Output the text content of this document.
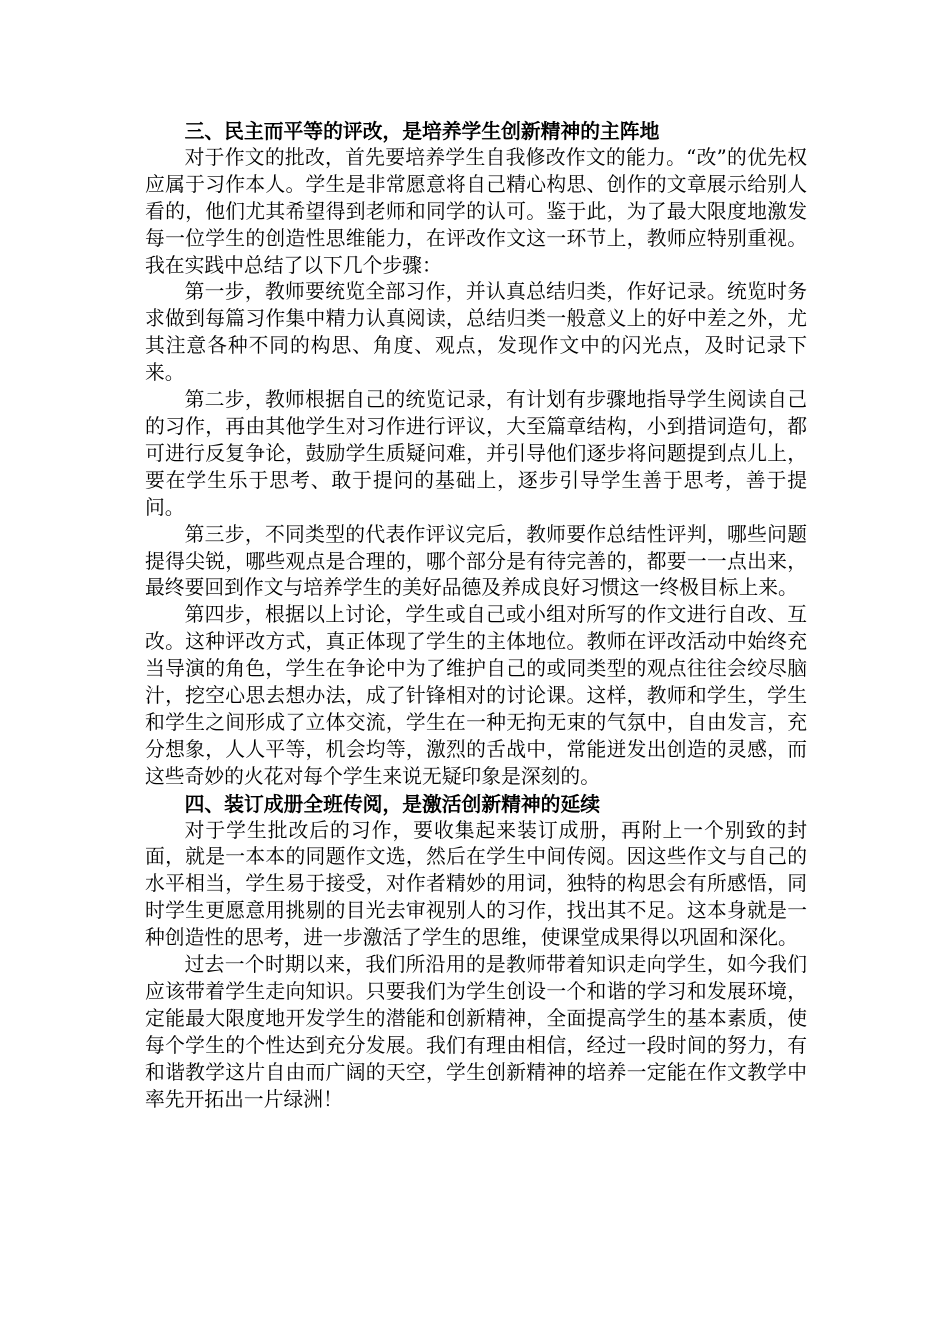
三、民主而平等的评改，是培养学生创新精神的主阵地

对于作文的批改，首先要培养学生自我修改作文的能力。“改”的优先权应属于习作本人。学生是非常愿意将自己精心构思、创作的文章展示给别人看的，他们尤其希望得到老师和同学的认可。鉴于此，为了最大限度地激发每一位学生的创造性思维能力，在评改作文这一环节上，教师应特别重视。我在实践中总结了以下几个步骤：

第一步，教师要统览全部习作，并认真总结归类，作好记录。统览时务求做到每篇习作集中精力认真阅读，总结归类一般意义上的好中差之外，尤其注意各种不同的构思、角度、观点，发现作文中的闪光点，及时记录下来。

第二步，教师根据自己的统览记录，有计划有步骤地指导学生阅读自己的习作，再由其他学生对习作进行评议，大至篇章结构，小到措词造句，都可进行反复争论，鼓励学生质疑问难，并引导他们逐步将问题提到点儿上，要在学生乐于思考、敢于提问的基础上，逐步引导学生善于思考，善于提问。

第三步，不同类型的代表作评议完后，教师要作总结性评判，哪些问题提得尖锐，哪些观点是合理的，哪个部分是有待完善的，都要一一点出来，最终要回到作文与培养学生的美好品德及养成良好习惯这一终极目标上来。

第四步，根据以上讨论，学生或自己或小组对所写的作文进行自改、互改。这种评改方式，真正体现了学生的主体地位。教师在评改活动中始终充当导演的角色，学生在争论中为了维护自己的或同类型的观点往往会绞尽脑汁，挖空心思去想办法，成了针锋相对的讨论课。这样，教师和学生，学生和学生之间形成了立体交流，学生在一种无拘无束的气氛中，自由发言，充分想象，人人平等，机会均等，激烈的舌战中，常能迸发出创造的灵感，而这些奇妙的火花对每个学生来说无疑印象是深刻的。

四、装订成册全班传阅，是激活创新精神的延续

对于学生批改后的习作，要收集起来装订成册，再附上一个别致的封面，就是一本本的同题作文选，然后在学生中间传阅。因这些作文与自己的水平相当，学生易于接受，对作者精妙的用词，独特的构思会有所感悟，同时学生更愿意用挑剔的目光去审视别人的习作，找出其不足。这本身就是一种创造性的思考，进一步激活了学生的思维，使课堂成果得以巩固和深化。

过去一个时期以来，我们所沿用的是教师带着知识走向学生，如今我们应该带着学生走向知识。只要我们为学生创设一个和谐的学习和发展环境，定能最大限度地开发学生的潜能和创新精神，全面提高学生的基本素质，使每个学生的个性达到充分发展。我们有理由相信，经过一段时间的努力，有和谐教学这片自由而广阔的天空，学生创新精神的培养一定能在作文教学中率先开拓出一片绿洲！
